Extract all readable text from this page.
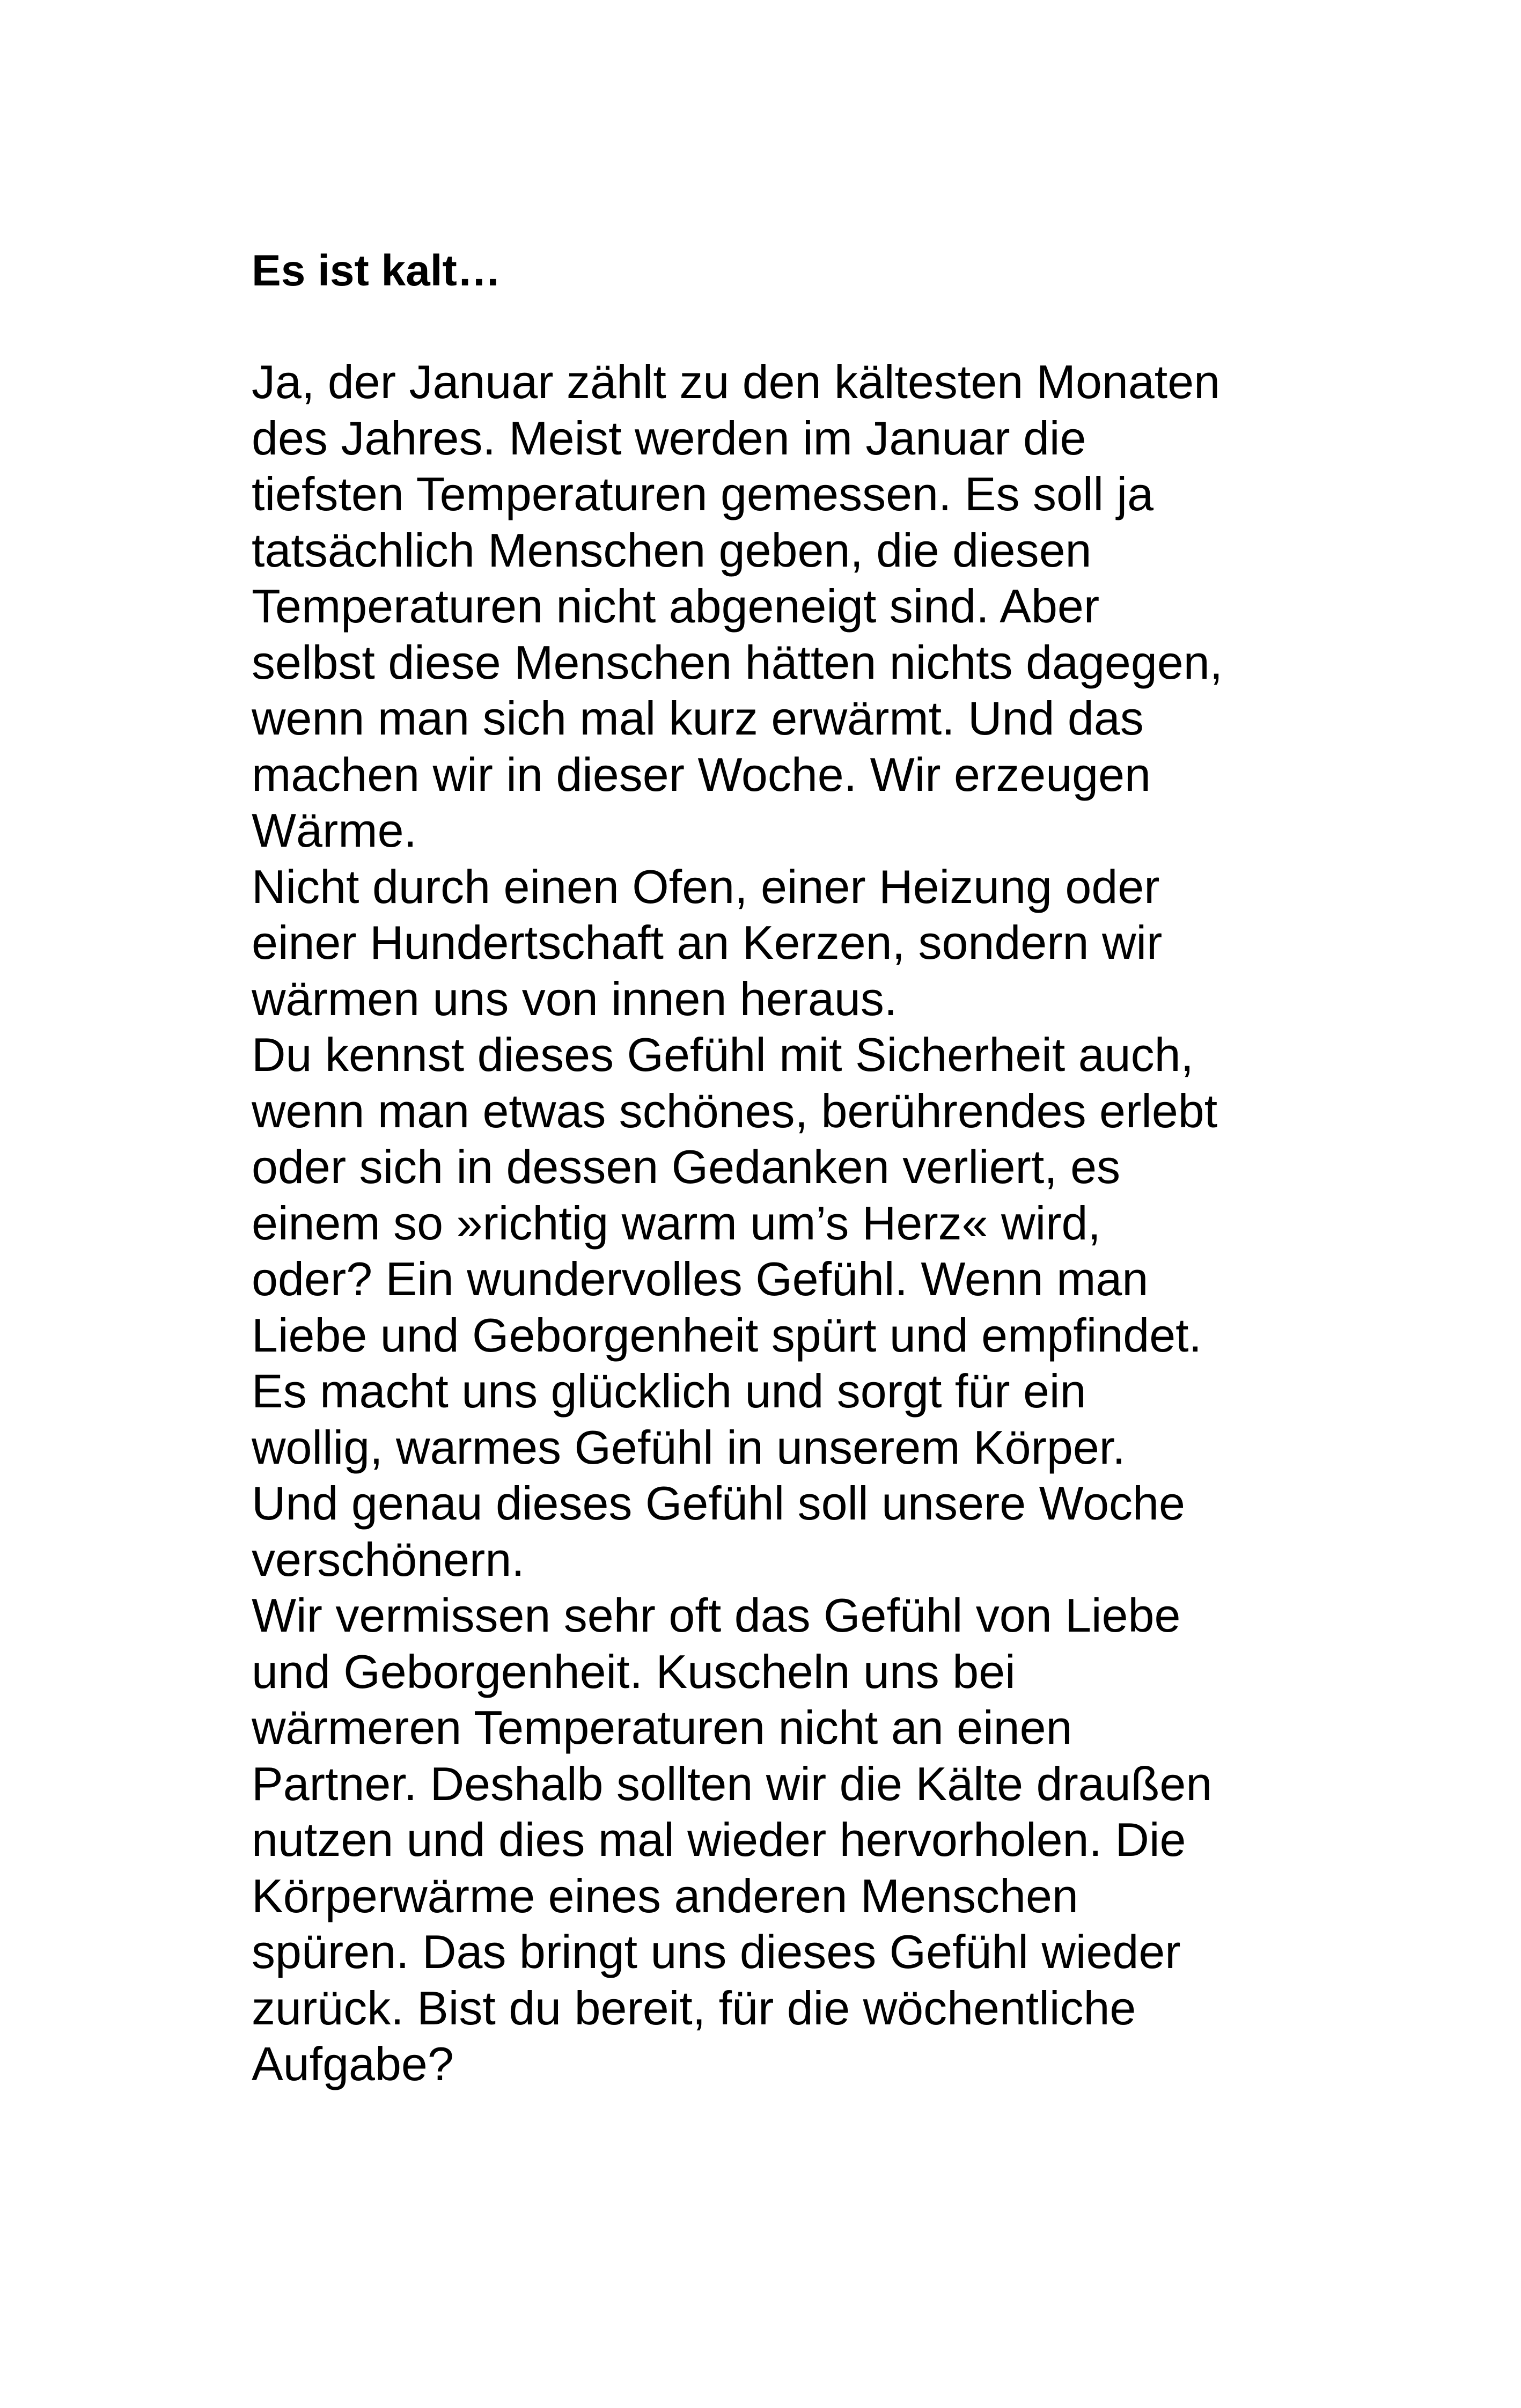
Es ist kalt…
Ja, der Januar zählt zu den kältesten Monaten
des Jahres. Meist werden im Januar die
tiefsten Temperaturen gemessen. Es soll ja
tatsächlich Menschen geben, die diesen
Temperaturen nicht abgeneigt sind. Aber
selbst diese Menschen hätten nichts dagegen,
wenn man sich mal kurz erwärmt. Und das
machen wir in dieser Woche. Wir erzeugen
Wärme.
Nicht durch einen Ofen, einer Heizung oder
einer Hundertschaft an Kerzen, sondern wir
wärmen uns von innen heraus.
Du kennst dieses Gefühl mit Sicherheit auch,
wenn man etwas schönes, berührendes erlebt
oder sich in dessen Gedanken verliert, es
einem so »richtig warm um’s Herz« wird,
oder? Ein wundervolles Gefühl. Wenn man
Liebe und Geborgenheit spürt und empfindet.
Es macht uns glücklich und sorgt für ein
wollig, warmes Gefühl in unserem Körper.
Und genau dieses Gefühl soll unsere Woche
verschönern.
Wir vermissen sehr oft das Gefühl von Liebe
und Geborgenheit. Kuscheln uns bei
wärmeren Temperaturen nicht an einen
Partner. Deshalb sollten wir die Kälte draußen
nutzen und dies mal wieder hervorholen. Die
Körperwärme eines anderen Menschen
spüren. Das bringt uns dieses Gefühl wieder
zurück. Bist du bereit, für die wöchentliche
Aufgabe?
